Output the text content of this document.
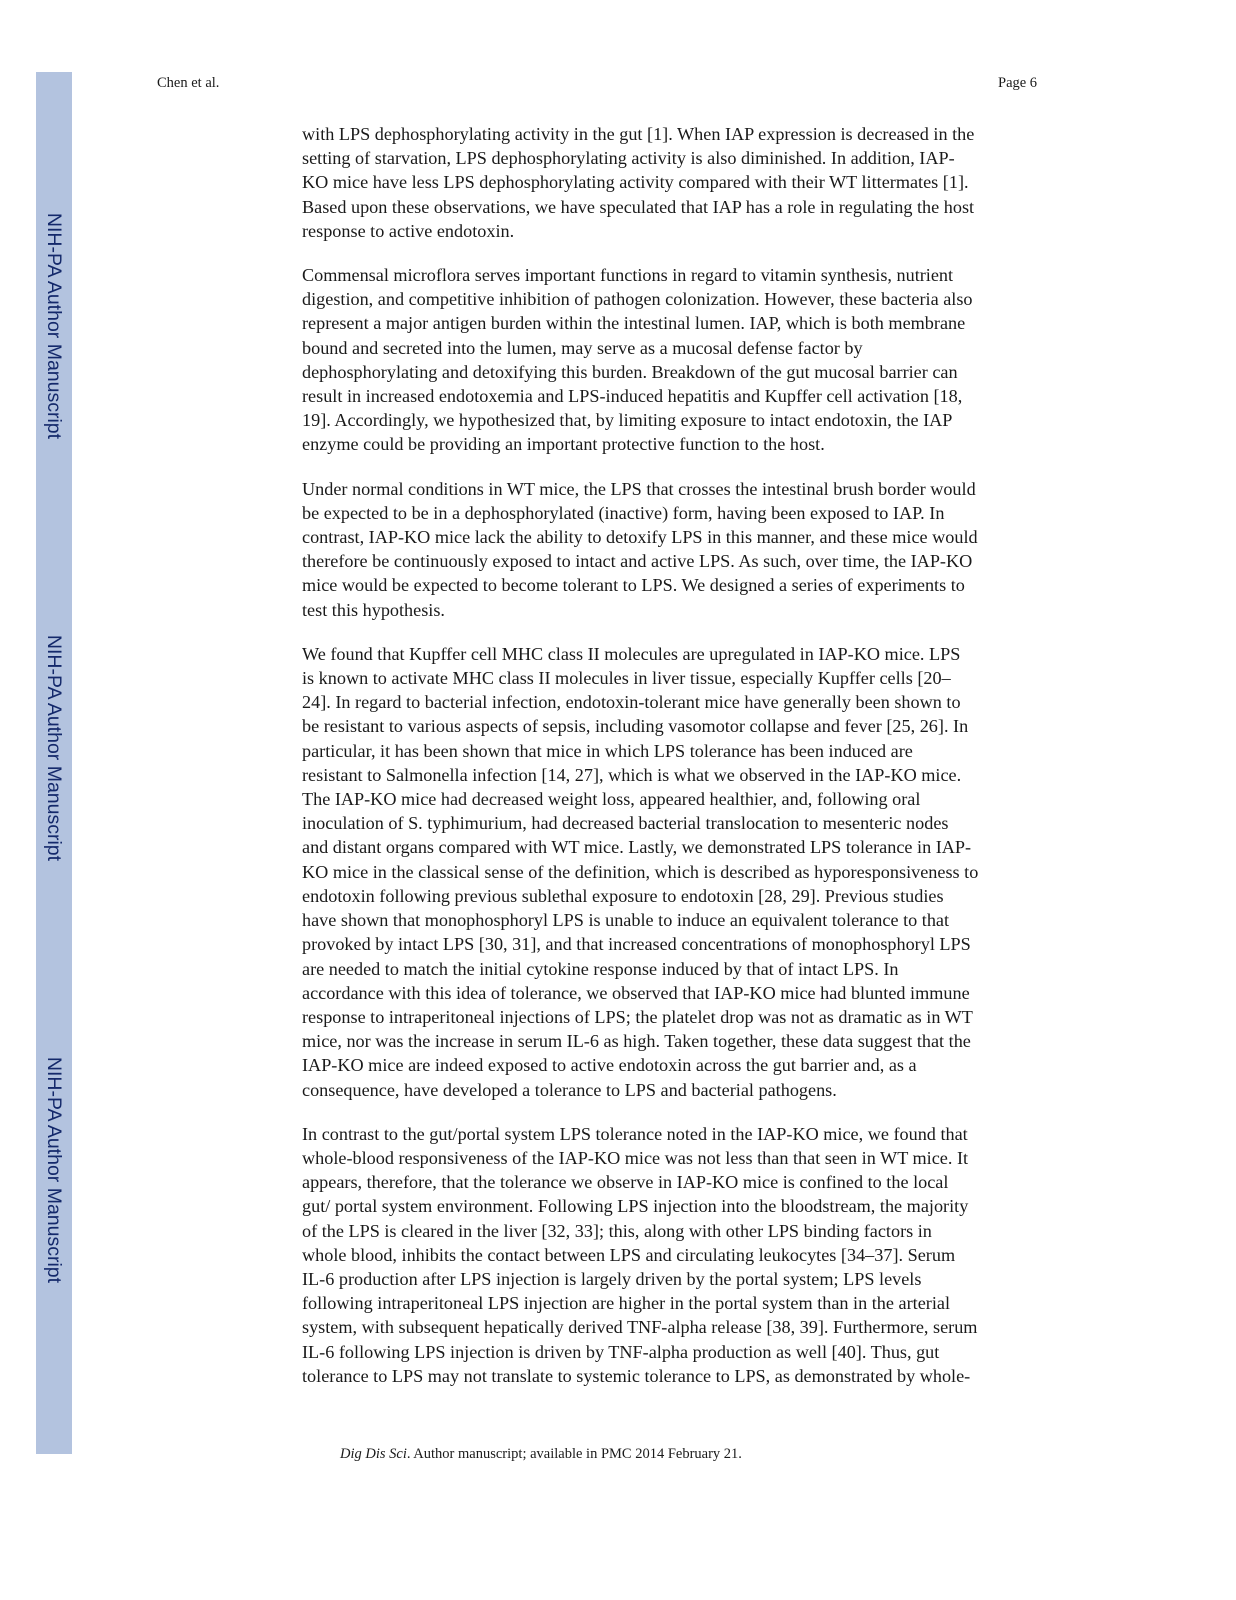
NIH-PA Author Manuscript
NIH-PA Author Manuscript
NIH-PA Author Manuscript
Chen et al.	Page 6
with LPS dephosphorylating activity in the gut [1]. When IAP expression is decreased in the
setting of starvation, LPS dephosphorylating activity is also diminished. In addition, IAP-
KO mice have less LPS dephosphorylating activity compared with their WT littermates [1].
Based upon these observations, we have speculated that IAP has a role in regulating the host
response to active endotoxin.
Commensal microflora serves important functions in regard to vitamin synthesis, nutrient
digestion, and competitive inhibition of pathogen colonization. However, these bacteria also
represent a major antigen burden within the intestinal lumen. IAP, which is both membrane
bound and secreted into the lumen, may serve as a mucosal defense factor by
dephosphorylating and detoxifying this burden. Breakdown of the gut mucosal barrier can
result in increased endotoxemia and LPS-induced hepatitis and Kupffer cell activation [18,
19]. Accordingly, we hypothesized that, by limiting exposure to intact endotoxin, the IAP
enzyme could be providing an important protective function to the host.
Under normal conditions in WT mice, the LPS that crosses the intestinal brush border would
be expected to be in a dephosphorylated (inactive) form, having been exposed to IAP. In
contrast, IAP-KO mice lack the ability to detoxify LPS in this manner, and these mice would
therefore be continuously exposed to intact and active LPS. As such, over time, the IAP-KO
mice would be expected to become tolerant to LPS. We designed a series of experiments to
test this hypothesis.
We found that Kupffer cell MHC class II molecules are upregulated in IAP-KO mice. LPS
is known to activate MHC class II molecules in liver tissue, especially Kupffer cells [20–
24]. In regard to bacterial infection, endotoxin-tolerant mice have generally been shown to
be resistant to various aspects of sepsis, including vasomotor collapse and fever [25, 26]. In
particular, it has been shown that mice in which LPS tolerance has been induced are
resistant to Salmonella infection [14, 27], which is what we observed in the IAP-KO mice.
The IAP-KO mice had decreased weight loss, appeared healthier, and, following oral
inoculation of S. typhimurium, had decreased bacterial translocation to mesenteric nodes
and distant organs compared with WT mice. Lastly, we demonstrated LPS tolerance in IAP-
KO mice in the classical sense of the definition, which is described as hyporesponsiveness to
endotoxin following previous sublethal exposure to endotoxin [28, 29]. Previous studies
have shown that monophosphoryl LPS is unable to induce an equivalent tolerance to that
provoked by intact LPS [30, 31], and that increased concentrations of monophosphoryl LPS
are needed to match the initial cytokine response induced by that of intact LPS. In
accordance with this idea of tolerance, we observed that IAP-KO mice had blunted immune
response to intraperitoneal injections of LPS; the platelet drop was not as dramatic as in WT
mice, nor was the increase in serum IL-6 as high. Taken together, these data suggest that the
IAP-KO mice are indeed exposed to active endotoxin across the gut barrier and, as a
consequence, have developed a tolerance to LPS and bacterial pathogens.
In contrast to the gut/portal system LPS tolerance noted in the IAP-KO mice, we found that
whole-blood responsiveness of the IAP-KO mice was not less than that seen in WT mice. It
appears, therefore, that the tolerance we observe in IAP-KO mice is confined to the local
gut/ portal system environment. Following LPS injection into the bloodstream, the majority
of the LPS is cleared in the liver [32, 33]; this, along with other LPS binding factors in
whole blood, inhibits the contact between LPS and circulating leukocytes [34–37]. Serum
IL-6 production after LPS injection is largely driven by the portal system; LPS levels
following intraperitoneal LPS injection are higher in the portal system than in the arterial
system, with subsequent hepatically derived TNF-alpha release [38, 39]. Furthermore, serum
IL-6 following LPS injection is driven by TNF-alpha production as well [40]. Thus, gut
tolerance to LPS may not translate to systemic tolerance to LPS, as demonstrated by whole-
Dig Dis Sci. Author manuscript; available in PMC 2014 February 21.
